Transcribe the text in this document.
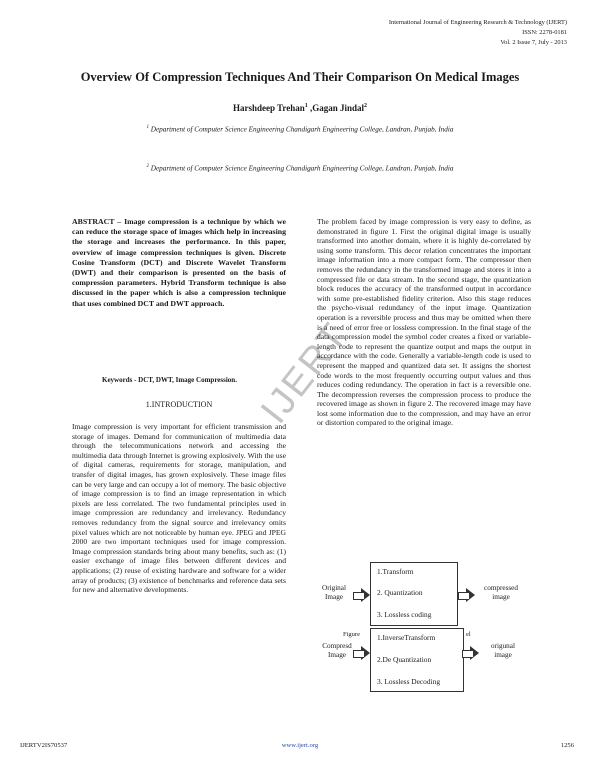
International Journal of Engineering Research & Technology (IJERT)
ISSN: 2278-0181
Vol. 2 Issue 7, July - 2013
IJERT
Overview Of Compression Techniques And Their Comparison On Medical Images
Harshdeep Trehan$^1$ ,Gagan Jindal$^2$
$^1$ Department of Computer Science Engineering Chandigarh Engineering College, Landran, Punjab, India
$^2$ Department of Computer Science Engineering Chandigarh Engineering College, Landran, Punjab, India
ABSTRACT – Image compression is a technique by which we can reduce the storage space of images which help in increasing the storage and increases the performance. In this paper, overview of image compression techniques is given. Discrete Cosine Transform (DCT) and Discrete Wavelet Transform (DWT) and their comparison is presented on the basis of compression parameters. Hybrid Transform technique is also discussed in the paper which is also a compression technique that uses combined DCT and DWT approach.
Keywords - DCT, DWT, Image Compression.
1.INTRODUCTION
Image compression is very important for efficient transmission and storage of images. Demand for communication of multimedia data through the telecommunications network and accessing the multimedia data through Internet is growing explosively. With the use of digital cameras, requirements for storage, manipulation, and transfer of digital images, has grown explosively. These image files can be very large and can occupy a lot of memory. The basic objective of image compression is to find an image representation in which pixels are less correlated. The two fundamental principles used in image compression are redundancy and irrelevancy. Redundancy removes redundancy from the signal source and irrelevancy omits pixel values which are not noticeable by human eye. JPEG and JPEG 2000 are two important techniques used for image compression. Image compression standards bring about many benefits, such as: (1) easier exchange of image files between different devices and applications; (2) reuse of existing hardware and software for a wider array of products; (3) existence of benchmarks and reference data sets for new and alternative developments.
The problem faced by image compression is very easy to define, as demonstrated in figure 1. First the original digital image is usually transformed into another domain, where it is highly de-correlated by using some transform. This decor relation concentrates the important image information into a more compact form. The compressor then removes the redundancy in the transformed image and stores it into a compressed file or data stream. In the second stage, the quantization block reduces the accuracy of the transformed output in accordance with some pre-established fidelity criterion. Also this stage reduces the psycho-visual redundancy of the input image. Quantization operation is a reversible process and thus may be omitted when there is a need of error free or lossless compression. In the final stage of the data compression model the symbol coder creates a fixed or variable-length code to represent the quantize output and maps the output in accordance with the code. Generally a variable-length code is used to represent the mapped and quantized data set. It assigns the shortest code words to the most frequently occurring output values and thus reduces coding redundancy. The operation in fact is a reversible one. The decompression reverses the compression process to produce the recovered image as shown in figure 2. The recovered image may have lost some information due to the compression, and may have an error or distortion compared to the original image.
Original
Image
1.Transform
2. Quantization
3. Lossless coding
compressed
image
Figure	el
Compresd
Image
1.InverseTransform
2.De Quantization
3. Lossless Decoding
origunal
image
IJERTV2IS70537	www.ijert.org	1256
